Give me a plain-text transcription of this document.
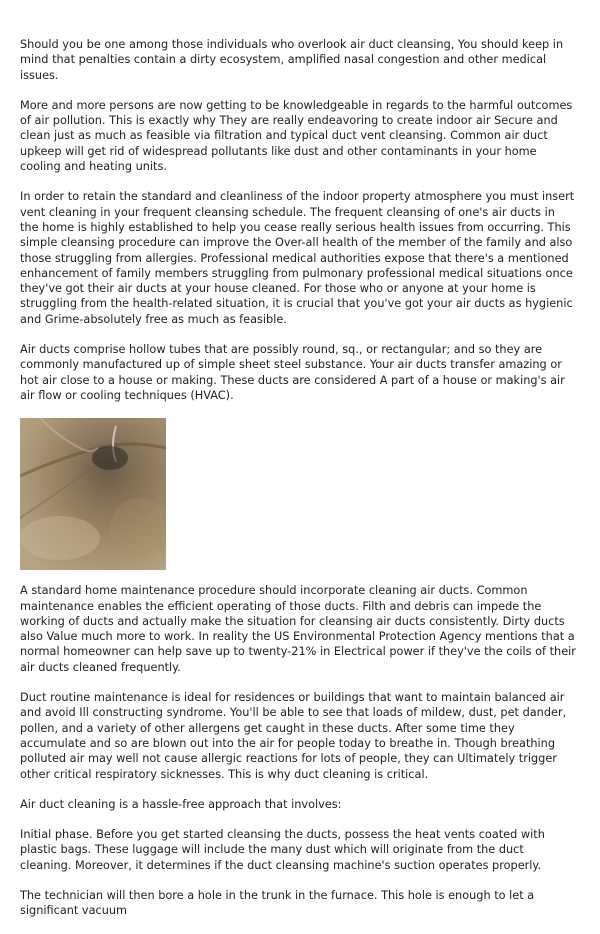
Should you be one among those individuals who overlook air duct cleansing, You should keep in mind that penalties contain a dirty ecosystem, amplified nasal congestion and other medical issues.

More and more persons are now getting to be knowledgeable in regards to the harmful outcomes of air pollution. This is exactly why They are really endeavoring to create indoor air Secure and clean just as much as feasible via filtration and typical duct vent cleansing. Common air duct upkeep will get rid of widespread pollutants like dust and other contaminants in your home cooling and heating units.

In order to retain the standard and cleanliness of the indoor property atmosphere you must insert vent cleaning in your frequent cleansing schedule. The frequent cleansing of one's air ducts in the home is highly established to help you cease really serious health issues from occurring. This simple cleansing procedure can improve the Over-all health of the member of the family and also those struggling from allergies. Professional medical authorities expose that there's a mentioned enhancement of family members struggling from pulmonary professional medical situations once they've got their air ducts at your house cleaned. For those who or anyone at your home is struggling from the health-related situation, it is crucial that you've got your air ducts as hygienic and Grime-absolutely free as much as feasible.

Air ducts comprise hollow tubes that are possibly round, sq., or rectangular; and so they are commonly manufactured up of simple sheet steel substance. Your air ducts transfer amazing or hot air close to a house or making. These ducts are considered A part of a house or making's air air flow or cooling techniques (HVAC).

A standard home maintenance procedure should incorporate cleaning air ducts. Common maintenance enables the efficient operating of those ducts. Filth and debris can impede the working of ducts and actually make the situation for cleansing air ducts consistently. Dirty ducts also Value much more to work. In reality the US Environmental Protection Agency mentions that a normal homeowner can help save up to twenty-21% in Electrical power if they've the coils of their air ducts cleaned frequently.

Duct routine maintenance is ideal for residences or buildings that want to maintain balanced air and avoid Ill constructing syndrome. You'll be able to see that loads of mildew, dust, pet dander, pollen, and a variety of other allergens get caught in these ducts. After some time they accumulate and so are blown out into the air for people today to breathe in. Though breathing polluted air may well not cause allergic reactions for lots of people, they can Ultimately trigger other critical respiratory sicknesses. This is why duct cleaning is critical.

Air duct cleaning is a hassle-free approach that involves:

Initial phase. Before you get started cleansing the ducts, possess the heat vents coated with plastic bags. These luggage will include the many dust which will originate from the duct cleaning. Moreover, it determines if the duct cleansing machine's suction operates properly.

The technician will then bore a hole in the trunk in the furnace. This hole is enough to let a significant vacuum
